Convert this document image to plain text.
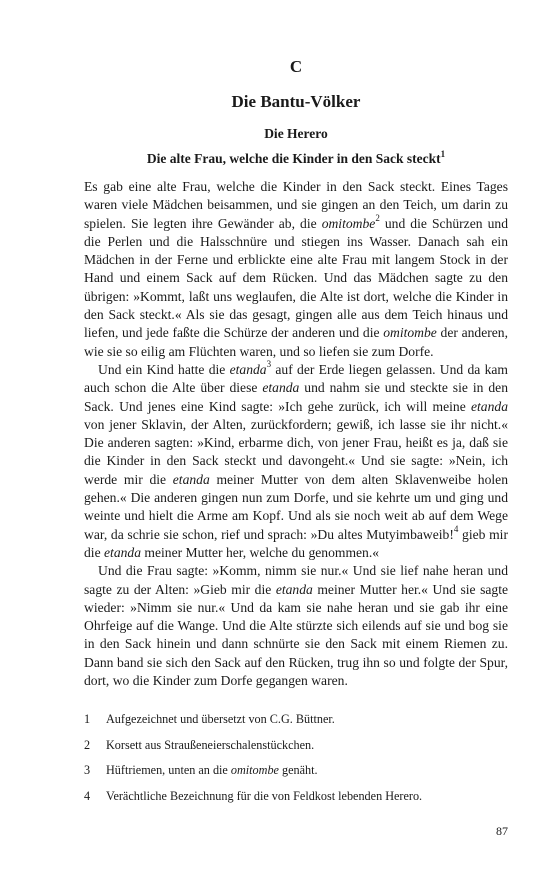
C
Die Bantu-Völker
Die Herero
Die alte Frau, welche die Kinder in den Sack steckt$^1$

Es gab eine alte Frau, welche die Kinder in den Sack steckt. Eines Tages waren viele Mädchen beisammen, und sie gingen an den Teich, um darin zu spielen. Sie legten ihre Gewänder ab, die omitombe$^2$ und die Schürzen und die Perlen und die Halsschnüre und stiegen ins Wasser. Danach sah ein Mädchen in der Ferne und erblickte eine alte Frau mit langem Stock in der Hand und einem Sack auf dem Rücken. Und das Mädchen sagte zu den übrigen: »Kommt, laßt uns weglaufen, die Alte ist dort, welche die Kinder in den Sack steckt.« Als sie das gesagt, gingen alle aus dem Teich hinaus und liefen, und jede faßte die Schürze der anderen und die omitombe der anderen, wie sie so eilig am Flüchten waren, und so liefen sie zum Dorfe.

Und ein Kind hatte die etanda$^3$ auf der Erde liegen gelassen. Und da kam auch schon die Alte über diese etanda und nahm sie und steckte sie in den Sack. Und jenes eine Kind sagte: »Ich gehe zurück, ich will meine etanda von jener Sklavin, der Alten, zurückfordern; gewiß, ich lasse sie ihr nicht.« Die anderen sagten: »Kind, erbarme dich, von jener Frau, heißt es ja, daß sie die Kinder in den Sack steckt und davongeht.« Und sie sagte: »Nein, ich werde mir die etanda meiner Mutter von dem alten Sklavenweibe holen gehen.« Die anderen gingen nun zum Dorfe, und sie kehrte um und ging und weinte und hielt die Arme am Kopf. Und als sie noch weit ab auf dem Wege war, da schrie sie schon, rief und sprach: »Du altes Mutyimbaweib!$^4$ gieb mir die etanda meiner Mutter her, welche du genommen.«

Und die Frau sagte: »Komm, nimm sie nur.« Und sie lief nahe heran und sagte zu der Alten: »Gieb mir die etanda meiner Mutter her.« Und sie sagte wieder: »Nimm sie nur.« Und da kam sie nahe heran und sie gab ihr eine Ohrfeige auf die Wange. Und die Alte stürzte sich eilends auf sie und bog sie in den Sack hinein und dann schnürte sie den Sack mit einem Riemen zu. Dann band sie sich den Sack auf den Rücken, trug ihn so und folgte der Spur, dort, wo die Kinder zum Dorfe gegangen waren.

1 Aufgezeichnet und übersetzt von C.G. Büttner.
2 Korsett aus Straußeneierschalenstückchen.
3 Hüftriemen, unten an die omitombe genäht.
4 Verächtliche Bezeichnung für die von Feldkost lebenden Herero.
87
